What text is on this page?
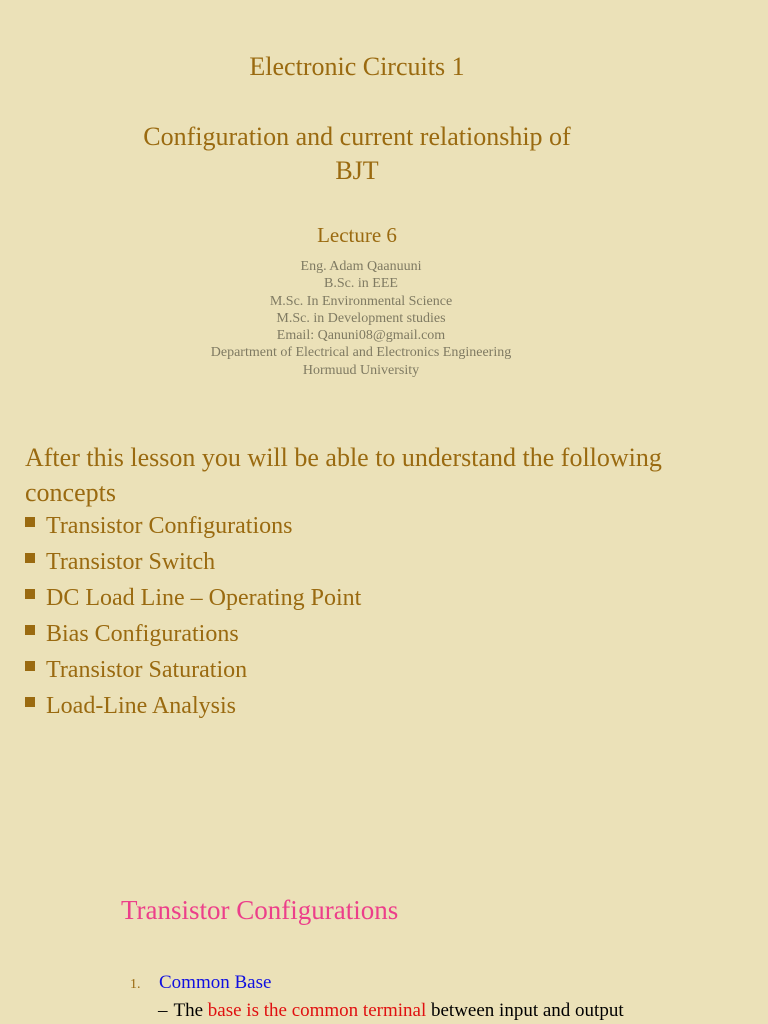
Electronic Circuits 1
Configuration and current relationship of
BJT
Lecture 6
Eng. Adam Qaanuuni
B.Sc. in EEE
M.Sc. In Environmental Science
M.Sc. in Development studies
Email: Qanuni08@gmail.com
Department of Electrical and Electronics Engineering
Hormuud University
After this lesson you will be able to understand the following concepts
Transistor Configurations
Transistor Switch
DC Load Line – Operating Point
Bias Configurations
Transistor Saturation
Load-Line Analysis
Transistor Configurations
1. Common Base
– The base is the common terminal between input and output
